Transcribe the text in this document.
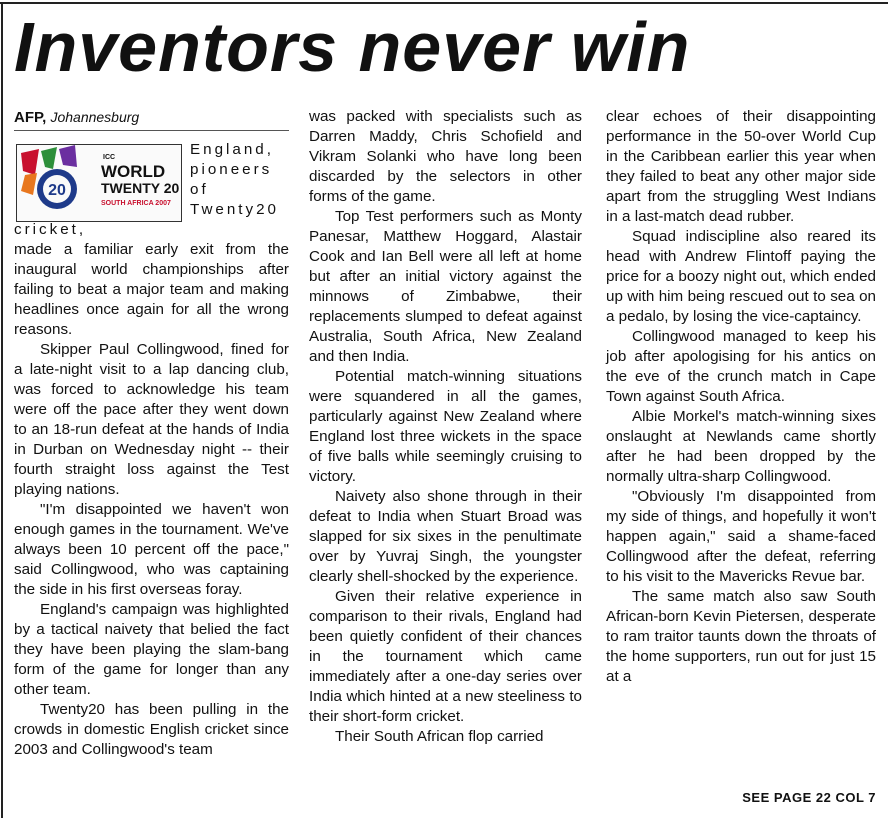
Inventors never win

AFP, Johannesburg

20
ICC
WORLD
TWENTY 20
SOUTH AFRICA 2007

England, pioneers of Twenty20 cricket,

made a familiar early exit from the inaugural world championships after failing to beat a major team and making headlines once again for all the wrong reasons.

Skipper Paul Collingwood, fined for a late-night visit to a lap dancing club, was forced to acknowledge his team were off the pace after they went down to an 18-run defeat at the hands of India in Durban on Wednesday night -- their fourth straight loss against the Test playing nations.

"I'm disappointed we haven't won enough games in the tournament. We've always been 10 percent off the pace," said Collingwood, who was captaining the side in his first overseas foray.

England's campaign was highlighted by a tactical naivety that belied the fact they have been playing the slam-bang form of the game for longer than any other team.

Twenty20 has been pulling in the crowds in domestic English cricket since 2003 and Collingwood's team

was packed with specialists such as Darren Maddy, Chris Schofield and Vikram Solanki who have long been discarded by the selectors in other forms of the game.

Top Test performers such as Monty Panesar, Matthew Hoggard, Alastair Cook and Ian Bell were all left at home but after an initial victory against the minnows of Zimbabwe, their replacements slumped to defeat against Australia, South Africa, New Zealand and then India.

Potential match-winning situations were squandered in all the games, particularly against New Zealand where England lost three wickets in the space of five balls while seemingly cruising to victory.

Naivety also shone through in their defeat to India when Stuart Broad was slapped for six sixes in the penultimate over by Yuvraj Singh, the youngster clearly shell-shocked by the experience.

Given their relative experience in comparison to their rivals, England had been quietly confident of their chances in the tournament which came immediately after a one-day series over India which hinted at a new steeliness to their short-form cricket.

Their South African flop carried

clear echoes of their disappointing performance in the 50-over World Cup in the Caribbean earlier this year when they failed to beat any other major side apart from the struggling West Indians in a last-match dead rubber.

Squad indiscipline also reared its head with Andrew Flintoff paying the price for a boozy night out, which ended up with him being rescued out to sea on a pedalo, by losing the vice-captaincy.

Collingwood managed to keep his job after apologising for his antics on the eve of the crunch match in Cape Town against South Africa.

Albie Morkel's match-winning sixes onslaught at Newlands came shortly after he had been dropped by the normally ultra-sharp Collingwood.

"Obviously I'm disappointed from my side of things, and hopefully it won't happen again," said a shame-faced Collingwood after the defeat, referring to his visit to the Mavericks Revue bar.

The same match also saw South African-born Kevin Pietersen, desperate to ram traitor taunts down the throats of the home supporters, run out for just 15 at a

SEE PAGE 22 COL 7
